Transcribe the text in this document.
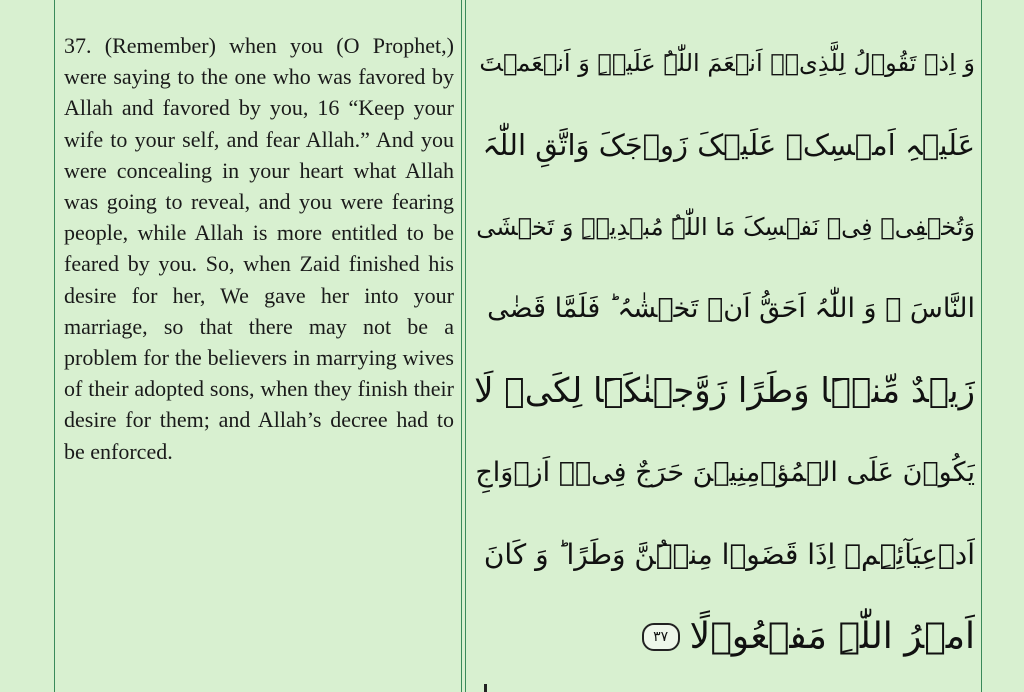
37. (Remember) when you (O Prophet,) were saying to the one who was favored by Allah and favored by you, 16 “Keep your wife to your self, and fear Allah.” And you were concealing in your heart what Allah was going to reveal, and you were fearing people, while Allah is more entitled to be feared by you. So, when Zaid finished his desire for her, We gave her into your marriage, so that there may not be a problem for the believers in marrying wives of their adopted sons, when they finish their desire for them; and Allah’s decree had to be enforced.

وَ اِذۡ تَقُوۡلُ لِلَّذِیۡۤ اَنۡعَمَ اللّٰہُ عَلَیۡہِ وَ اَنۡعَمۡتَ
عَلَیۡہِ اَمۡسِکۡ عَلَیۡکَ زَوۡجَکَ وَاتَّقِ اللّٰہَ
وَتُخۡفِیۡ فِیۡ نَفۡسِکَ مَا اللّٰہُ مُبۡدِیۡہِ وَ تَخۡشَی
النَّاسَ ۚ وَ اللّٰہُ اَحَقُّ اَنۡ تَخۡشٰہُ ؕ فَلَمَّا قَضٰی
زَیۡدٌ مِّنۡہَا وَطَرًا زَوَّجۡنٰکَہَا لِکَیۡ لَا
یَکُوۡنَ عَلَی الۡمُؤۡمِنِیۡنَ حَرَجٌ فِیۡۤ اَزۡوَاجِ
اَدۡعِیَآئِہِمۡ اِذَا قَضَوۡا مِنۡہُنَّ وَطَرًا ؕ وَ کَانَ
اَمۡرُ اللّٰہِ مَفۡعُوۡلًا
٣٧
